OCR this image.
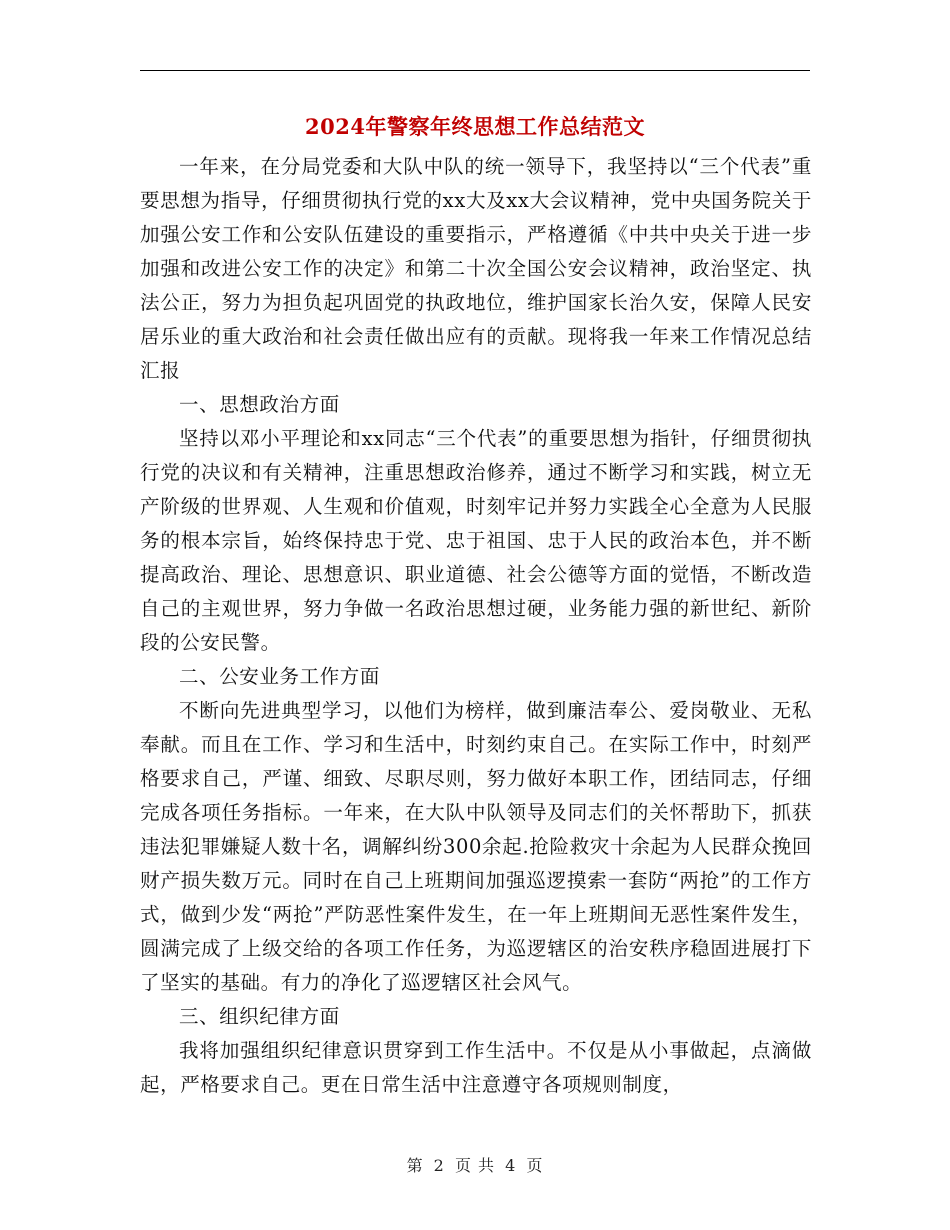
2024年警察年终思想工作总结范文

一年来，在分局党委和大队中队的统一领导下，我坚持以“三个代表”重要思想为指导，仔细贯彻执行党的xx大及xx大会议精神，党中央国务院关于加强公安工作和公安队伍建设的重要指示，严格遵循《中共中央关于进一步加强和改进公安工作的决定》和第二十次全国公安会议精神，政治坚定、执法公正，努力为担负起巩固党的执政地位，维护国家长治久安，保障人民安居乐业的重大政治和社会责任做出应有的贡献。现将我一年来工作情况总结汇报

一、思想政治方面

坚持以邓小平理论和xx同志“三个代表”的重要思想为指针，仔细贯彻执行党的决议和有关精神，注重思想政治修养，通过不断学习和实践，树立无产阶级的世界观、人生观和价值观，时刻牢记并努力实践全心全意为人民服务的根本宗旨，始终保持忠于党、忠于祖国、忠于人民的政治本色，并不断提高政治、理论、思想意识、职业道德、社会公德等方面的觉悟，不断改造自己的主观世界，努力争做一名政治思想过硬，业务能力强的新世纪、新阶段的公安民警。

二、公安业务工作方面

不断向先进典型学习，以他们为榜样，做到廉洁奉公、爱岗敬业、无私奉献。而且在工作、学习和生活中，时刻约束自己。在实际工作中，时刻严格要求自己，严谨、细致、尽职尽则，努力做好本职工作，团结同志，仔细完成各项任务指标。一年来，在大队中队领导及同志们的关怀帮助下，抓获违法犯罪嫌疑人数十名，调解纠纷300余起.抢险救灾十余起为人民群众挽回财产损失数万元。同时在自己上班期间加强巡逻摸索一套防“两抢”的工作方式，做到少发“两抢”严防恶性案件发生，在一年上班期间无恶性案件发生，圆满完成了上级交给的各项工作任务，为巡逻辖区的治安秩序稳固进展打下了坚实的基础。有力的净化了巡逻辖区社会风气。

三、组织纪律方面

我将加强组织纪律意识贯穿到工作生活中。不仅是从小事做起，点滴做起，严格要求自己。更在日常生活中注意遵守各项规则制度，

第 2 页 共 4 页
